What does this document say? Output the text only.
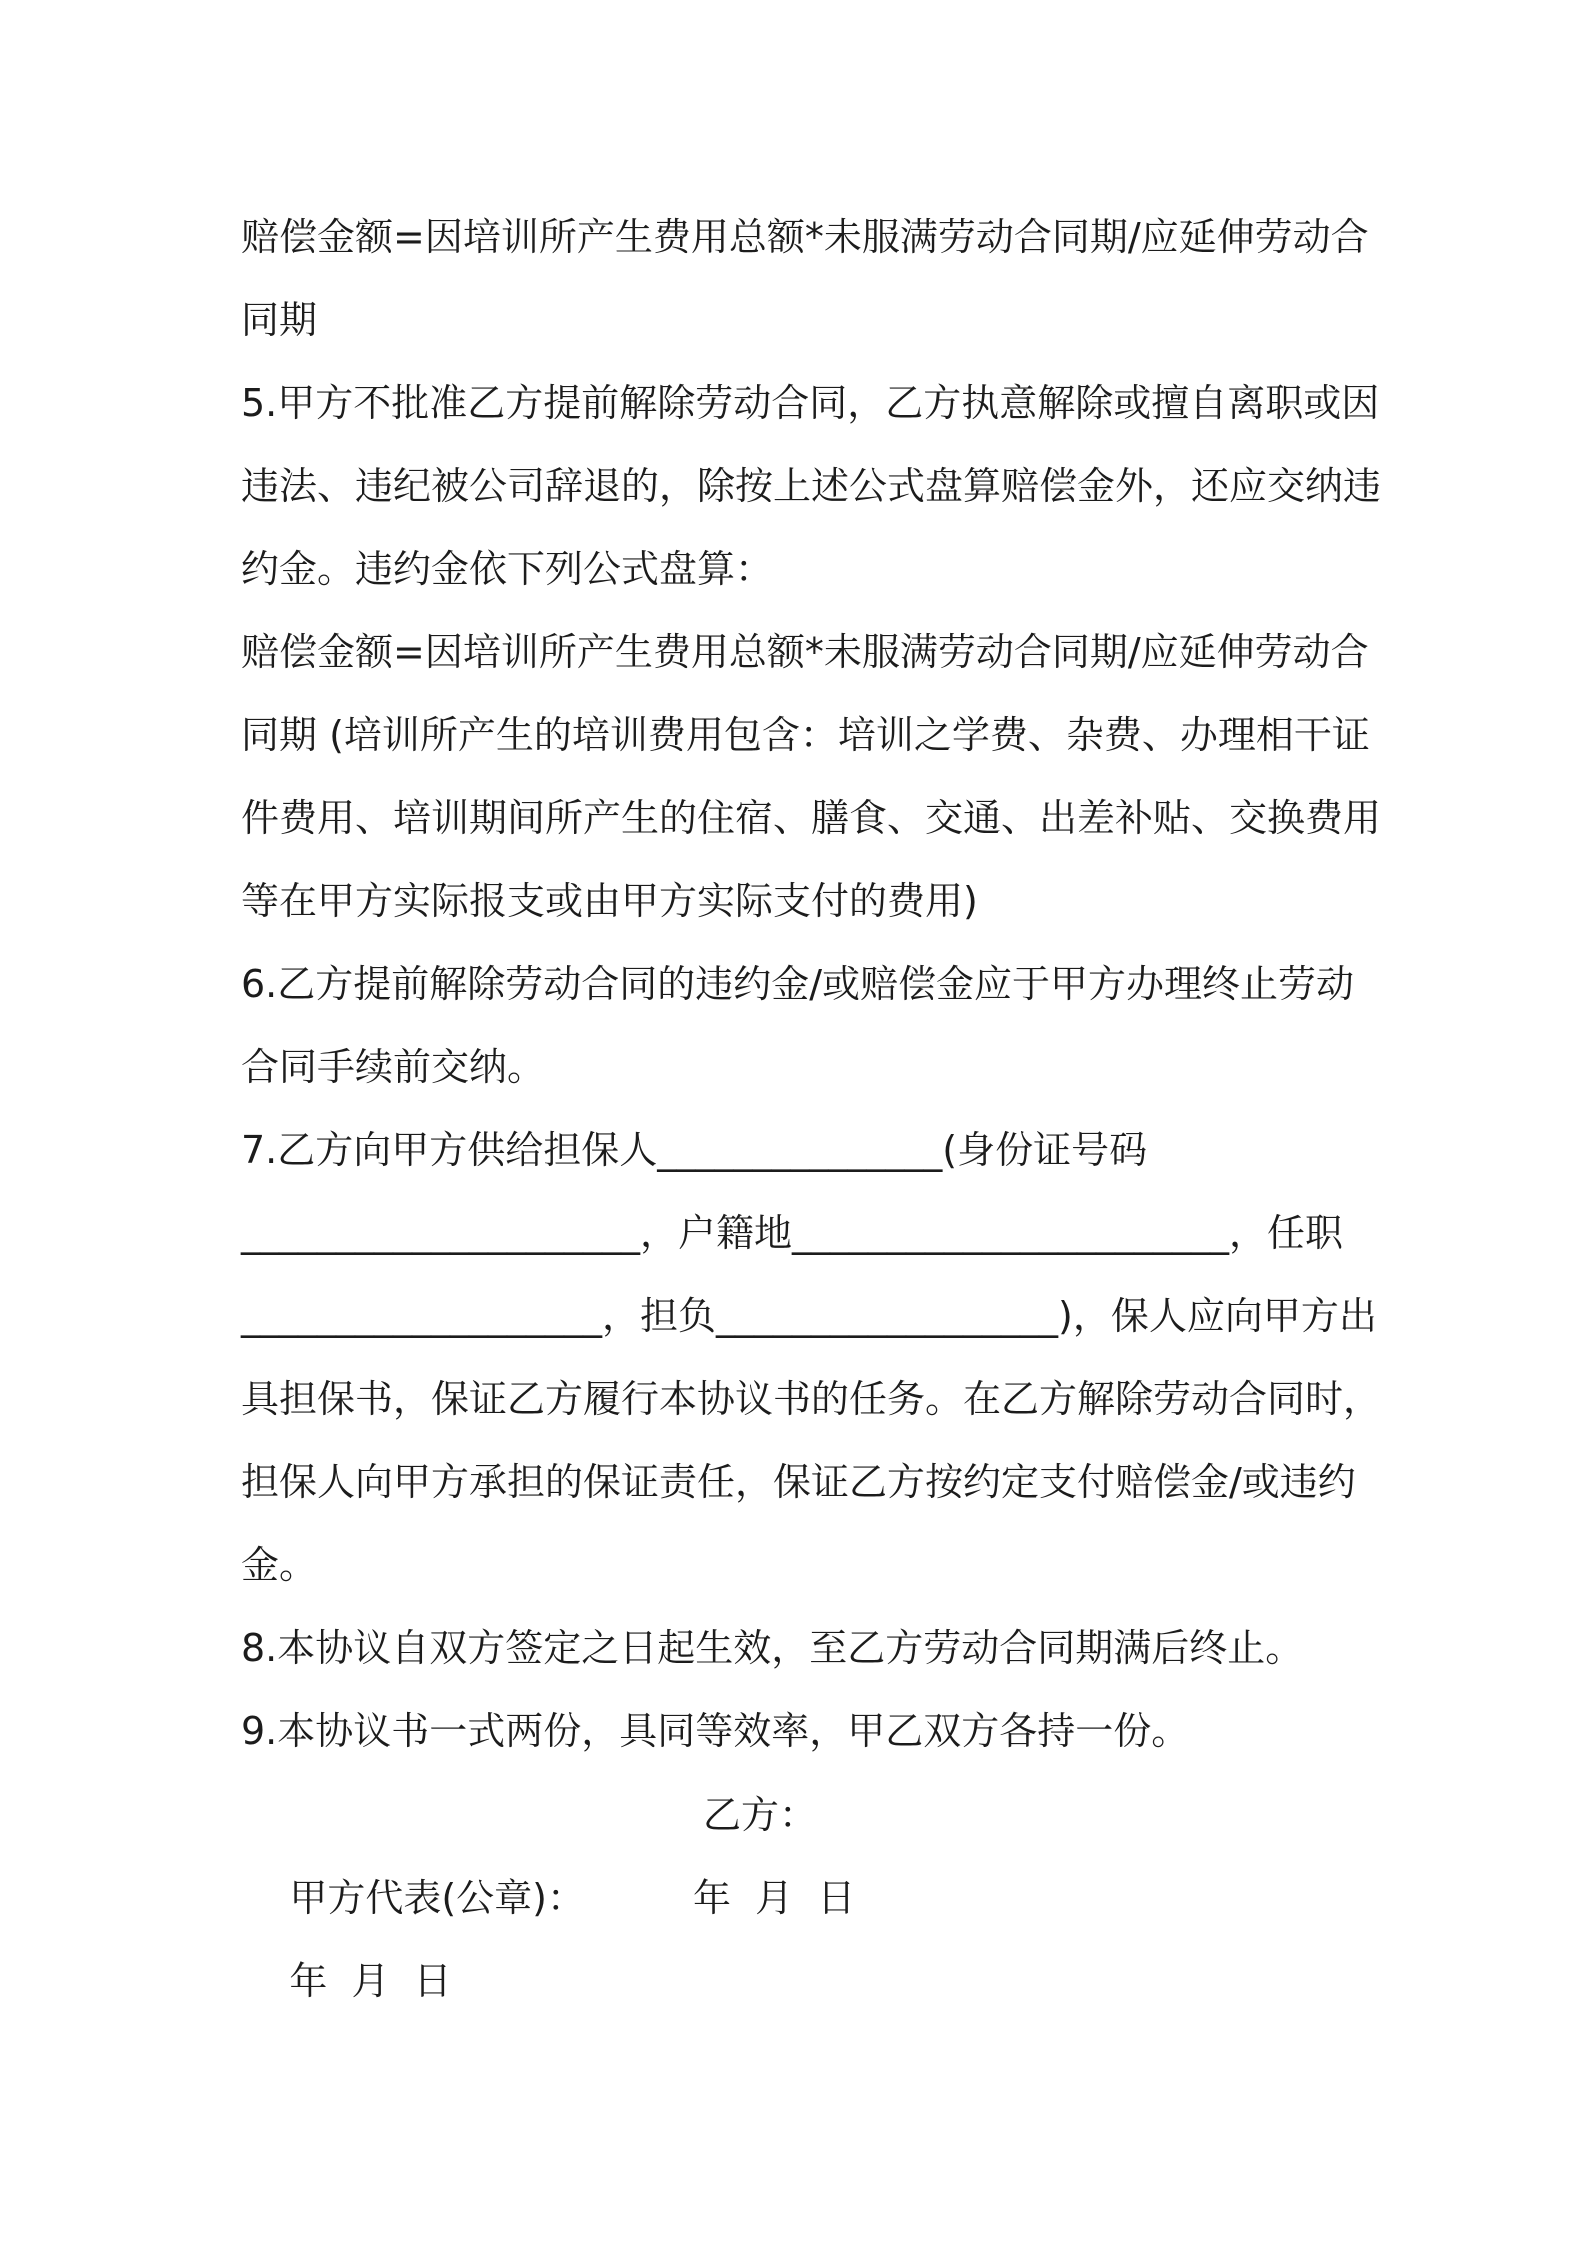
赔偿金额=因培训所产生费用总额*未服满劳动合同期/应延伸劳动合
同期
5.甲方不批准乙方提前解除劳动合同，乙方执意解除或擅自离职或因
违法、违纪被公司辞退的，除按上述公式盘算赔偿金外，还应交纳违
约金。违约金依下列公式盘算：
赔偿金额=因培训所产生费用总额*未服满劳动合同期/应延伸劳动合
同期 (培训所产生的培训费用包含：培训之学费、杂费、办理相干证
件费用、培训期间所产生的住宿、膳食、交通、出差补贴、交换费用
等在甲方实际报支或由甲方实际支付的费用)
6.乙方提前解除劳动合同的违约金/或赔偿金应于甲方办理终止劳动
合同手续前交纳。
7.乙方向甲方供给担保人_______________(身份证号码
_____________________，户籍地_______________________，任职
___________________，担负__________________)，保人应向甲方出
具担保书，保证乙方履行本协议书的任务。在乙方解除劳动合同时，
担保人向甲方承担的保证责任，保证乙方按约定支付赔偿金/或违约
金。
8.本协议自双方签定之日起生效，至乙方劳动合同期满后终止。
9.本协议书一式两份，具同等效率，甲乙双方各持一份。

甲方代表(公章)：

乙方：

年  月  日

年  月  日
